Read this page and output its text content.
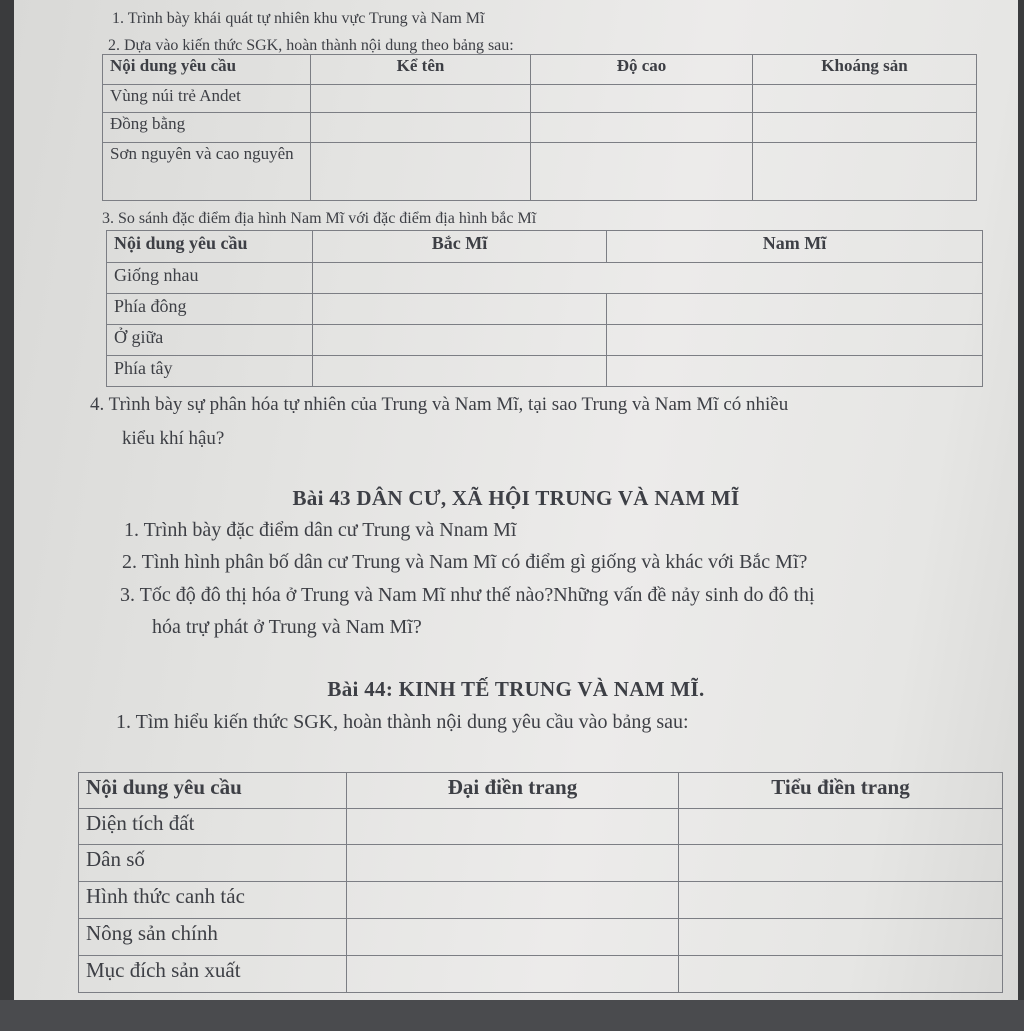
1. Trình bày khái quát tự nhiên khu vực Trung và Nam Mĩ
2. Dựa vào kiến thức SGK, hoàn thành nội dung theo bảng sau:
Nội dung yêu cầu	Kể tên	Độ cao	Khoáng sản
Vùng núi trẻ Andet			
Đồng bằng			
Sơn nguyên và cao nguyên			
3. So sánh đặc điểm địa hình Nam Mĩ với đặc điểm địa hình bắc Mĩ
Nội dung yêu cầu	Bắc Mĩ	Nam Mĩ
Giống nhau		
Phía đông		
Ở giữa		
Phía tây		
4. Trình bày sự phân hóa tự nhiên của Trung và Nam Mĩ, tại sao Trung và Nam Mĩ có nhiều
kiểu khí hậu?
Bài 43 DÂN CƯ, XÃ HỘI TRUNG VÀ NAM MĨ
1. Trình bày đặc điểm dân cư Trung và Nnam Mĩ
2. Tình hình phân bố dân cư Trung và Nam Mĩ có điểm gì giống và khác với Bắc Mĩ?
3. Tốc độ đô thị hóa ở Trung và Nam Mĩ như thế nào?Những vấn đề nảy sinh do đô thị
hóa trự phát ở Trung và Nam Mĩ?
Bài 44: KINH TẾ TRUNG VÀ NAM MĨ.
1. Tìm hiểu kiến thức SGK, hoàn thành nội dung yêu cầu vào bảng sau:
Nội dung yêu cầu	Đại điền trang	Tiểu điền trang
Diện tích đất		
Dân số		
Hình thức canh tác		
Nông sản chính		
Mục đích sản xuất		
